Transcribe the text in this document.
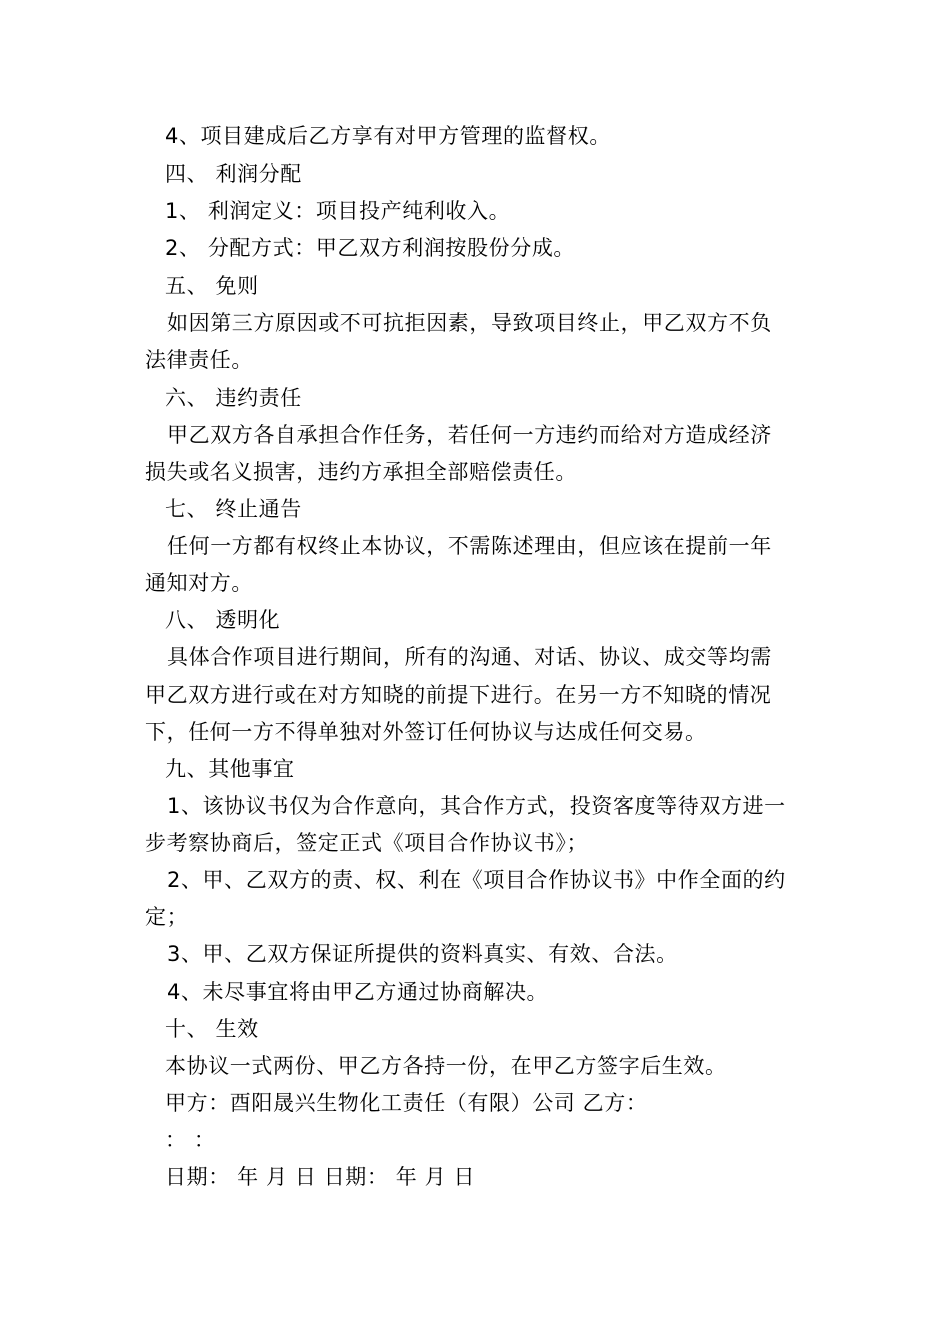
4、项目建成后乙方享有对甲方管理的监督权。
四、 利润分配
1、 利润定义：项目投产纯利收入。
2、 分配方式：甲乙双方利润按股份分成。
五、 免则
如因第三方原因或不可抗拒因素，导致项目终止，甲乙双方不负
法律责任。
六、 违约责任
甲乙双方各自承担合作任务，若任何一方违约而给对方造成经济
损失或名义损害，违约方承担全部赔偿责任。
七、 终止通告
任何一方都有权终止本协议，不需陈述理由，但应该在提前一年
通知对方。
八、 透明化
具体合作项目进行期间，所有的沟通、对话、协议、成交等均需
甲乙双方进行或在对方知晓的前提下进行。在另一方不知晓的情况
下，任何一方不得单独对外签订任何协议与达成任何交易。
九、其他事宜
1、该协议书仅为合作意向，其合作方式，投资客度等待双方进一
步考察协商后，签定正式《项目合作协议书》；
2、甲、乙双方的责、权、利在《项目合作协议书》中作全面的约
定；
3、甲、乙双方保证所提供的资料真实、有效、合法。
4、未尽事宜将由甲乙方通过协商解决。
十、 生效
本协议一式两份、甲乙方各持一份，在甲乙方签字后生效。
甲方：酉阳晟兴生物化工责任（有限）公司 乙方：
： ：
日期： 年 月 日 日期： 年 月 日
